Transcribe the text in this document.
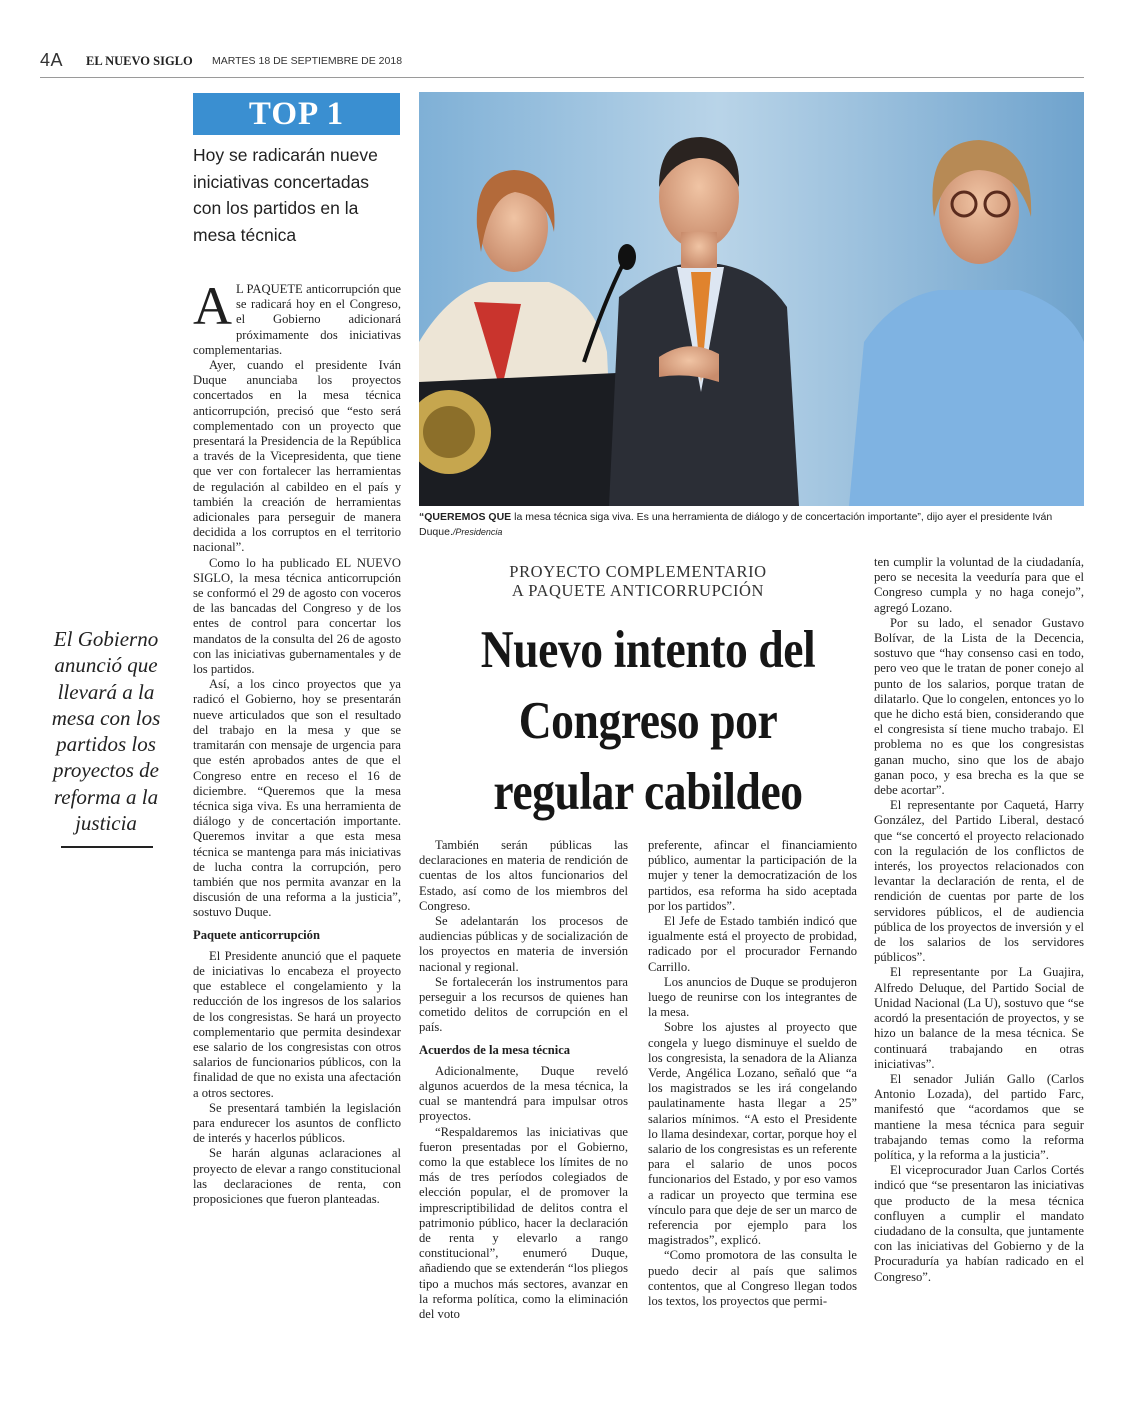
4A EL NUEVO SIGLO MARTES 18 DE SEPTIEMBRE DE 2018
TOP 1
Hoy se radicarán nueve iniciativas concertadas con los partidos en la mesa técnica
“QUEREMOS QUE la mesa técnica siga viva. Es una herramienta de diálogo y de concertación importante”, dijo ayer el presidente Iván Duque./Presidencia
El Gobierno anunció que llevará a la mesa con los partidos los proyectos de reforma a la justicia
PROYECTO COMPLEMENTARIO
A PAQUETE ANTICORRUPCIÓN
Nuevo intento del Congreso por regular cabildeo

A L PAQUETE anticorrupción que se radicará hoy en el Congreso, el Gobierno adicionará próximamente dos iniciativas complementarias.

Ayer, cuando el presidente Iván Duque anunciaba los proyectos concertados en la mesa técnica anticorrupción, precisó que “esto será complementado con un proyecto que presentará la Presidencia de la República a través de la Vicepresidenta, que tiene que ver con fortalecer las herramientas de regulación al cabildeo en el país y también la creación de herramientas adicionales para perseguir de manera decidida a los corruptos en el territorio nacional”.

Como lo ha publicado EL NUEVO SIGLO, la mesa técnica anticorrupción se conformó el 29 de agosto con voceros de las bancadas del Congreso y de los entes de control para concertar los mandatos de la consulta del 26 de agosto con las iniciativas gubernamentales y de los partidos.

Así, a los cinco proyectos que ya radicó el Gobierno, hoy se presentarán nueve articulados que son el resultado del trabajo en la mesa y que se tramitarán con mensaje de urgencia para que estén aprobados antes de que el Congreso entre en receso el 16 de diciembre. “Queremos que la mesa técnica siga viva. Es una herramienta de diálogo y de concertación importante. Queremos invitar a que esta mesa técnica se mantenga para más iniciativas de lucha contra la corrupción, pero también que nos permita avanzar en la discusión de una reforma a la justicia”, sostuvo Duque.

Paquete anticorrupción

El Presidente anunció que el paquete de iniciativas lo encabeza el proyecto que establece el congelamiento y la reducción de los ingresos de los salarios de los congresistas. Se hará un proyecto complementario que permita desindexar ese salario de los congresistas con otros salarios de funcionarios públicos, con la finalidad de que no exista una afectación a otros sectores.

Se presentará también la legislación para endurecer los asuntos de conflicto de interés y hacerlos públicos.

Se harán algunas aclaraciones al proyecto de elevar a rango constitucional las declaraciones de renta, con proposiciones que fueron planteadas.

También serán públicas las declaraciones en materia de rendición de cuentas de los altos funcionarios del Estado, así como de los miembros del Congreso.

Se adelantarán los procesos de audiencias públicas y de socialización de los proyectos en materia de inversión nacional y regional.

Se fortalecerán los instrumentos para perseguir a los recursos de quienes han cometido delitos de corrupción en el país.

Acuerdos de la mesa técnica

Adicionalmente, Duque reveló algunos acuerdos de la mesa técnica, la cual se mantendrá para impulsar otros proyectos.

“Respaldaremos las iniciativas que fueron presentadas por el Gobierno, como la que establece los límites de no más de tres períodos colegiados de elección popular, el de promover la imprescriptibilidad de delitos contra el patrimonio público, hacer la declaración de renta y elevarlo a rango constitucional”, enumeró Duque, añadiendo que se extenderán “los pliegos tipo a muchos más sectores, avanzar en la reforma política, como la eliminación del voto

preferente, afincar el financiamiento público, aumentar la participación de la mujer y tener la democratización de los partidos, esa reforma ha sido aceptada por los partidos”.

El Jefe de Estado también indicó que igualmente está el proyecto de probidad, radicado por el procurador Fernando Carrillo.

Los anuncios de Duque se produjeron luego de reunirse con los integrantes de la mesa.

Sobre los ajustes al proyecto que congela y luego disminuye el sueldo de los congresista, la senadora de la Alianza Verde, Angélica Lozano, señaló que “a los magistrados se les irá congelando paulatinamente hasta llegar a 25” salarios mínimos. “A esto el Presidente lo llama desindexar, cortar, porque hoy el salario de los congresistas es un referente para el salario de unos pocos funcionarios del Estado, y por eso vamos a radicar un proyecto que termina ese vínculo para que deje de ser un marco de referencia por ejemplo para los magistrados”, explicó.

“Como promotora de las consulta le puedo decir al país que salimos contentos, que al Congreso llegan todos los textos, los proyectos que permi-

ten cumplir la voluntad de la ciudadanía, pero se necesita la veeduría para que el Congreso cumpla y no haga conejo”, agregó Lozano.

Por su lado, el senador Gustavo Bolívar, de la Lista de la Decencia, sostuvo que “hay consenso casi en todo, pero veo que le tratan de poner conejo al punto de los salarios, porque tratan de dilatarlo. Que lo congelen, entonces yo lo que he dicho está bien, considerando que el congresista sí tiene mucho trabajo. El problema no es que los congresistas ganan mucho, sino que los de abajo ganan poco, y esa brecha es la que se debe acortar”.

El representante por Caquetá, Harry González, del Partido Liberal, destacó que “se concertó el proyecto relacionado con la regulación de los conflictos de interés, los proyectos relacionados con levantar la declaración de renta, el de rendición de cuentas por parte de los servidores públicos, el de audiencia pública de los proyectos de inversión y el de los salarios de los servidores públicos”.

El representante por La Guajira, Alfredo Deluque, del Partido Social de Unidad Nacional (La U), sostuvo que “se acordó la presentación de proyectos, y se hizo un balance de la mesa técnica. Se continuará trabajando en otras iniciativas”.

El senador Julián Gallo (Carlos Antonio Lozada), del partido Farc, manifestó que “acordamos que se mantiene la mesa técnica para seguir trabajando temas como la reforma política, y la reforma a la justicia”.

El viceprocurador Juan Carlos Cortés indicó que “se presentaron las iniciativas que producto de la mesa técnica confluyen a cumplir el mandato ciudadano de la consulta, que juntamente con las iniciativas del Gobierno y de la Procuraduría ya habían radicado en el Congreso”.
